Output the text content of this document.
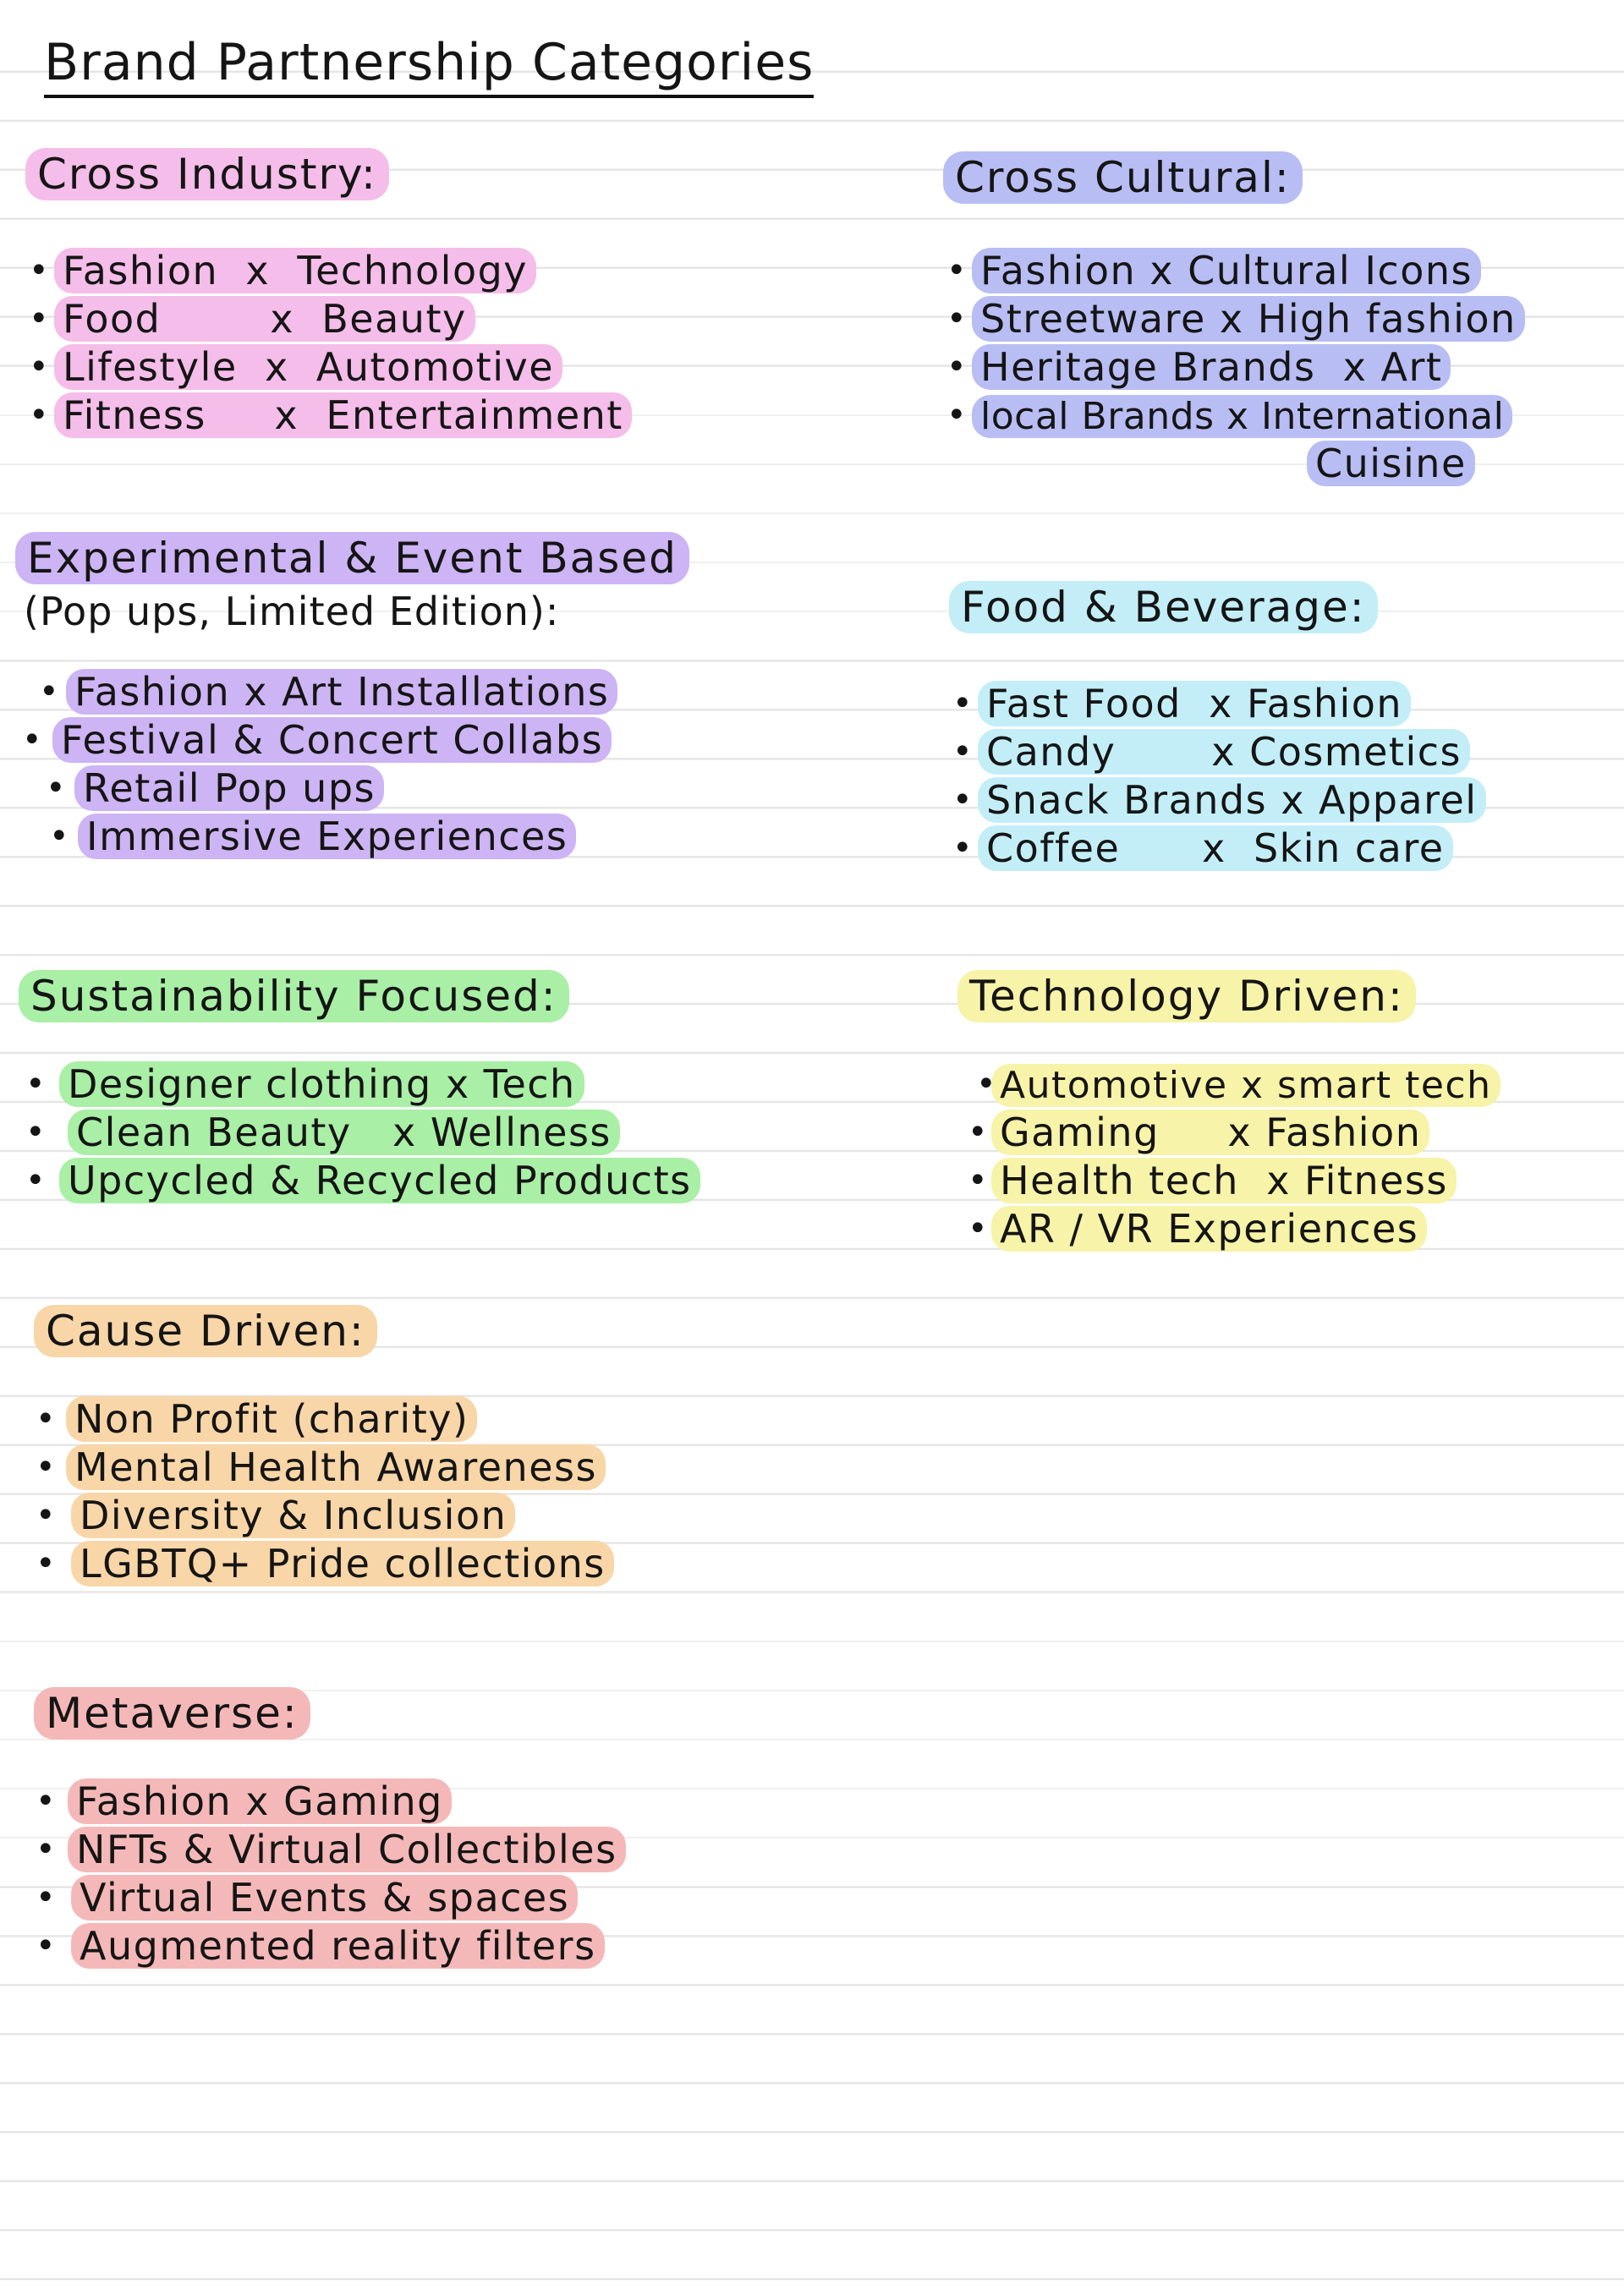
Brand Partnership Categories
Cross Industry:
• Fashion  x  Technology
• Food        x  Beauty
• Lifestyle  x  Automotive
• Fitness     x  Entertainment
Cross Cultural:
• Fashion x Cultural Icons
• Streetware x High fashion
• Heritage Brands  x Art
• local Brands x International
Cuisine
Experimental & Event Based
(Pop ups, Limited Edition):
• Fashion x Art Installations
• Festival & Concert Collabs
• Retail Pop ups
• Immersive Experiences
Food & Beverage:
• Fast Food  x Fashion
• Candy       x Cosmetics
• Snack Brands x Apparel
• Coffee      x  Skin care
Sustainability Focused:
• Designer clothing x Tech
• Clean Beauty   x Wellness
• Upcycled & Recycled Products
Technology Driven:
• Automotive x smart tech
• Gaming     x Fashion
• Health tech  x Fitness
• AR / VR Experiences
Cause Driven:
• Non Profit (charity)
• Mental Health Awareness
• Diversity & Inclusion
• LGBTQ+ Pride collections
Metaverse:
• Fashion x Gaming
• NFTs & Virtual Collectibles
• Virtual Events & spaces
• Augmented reality filters
